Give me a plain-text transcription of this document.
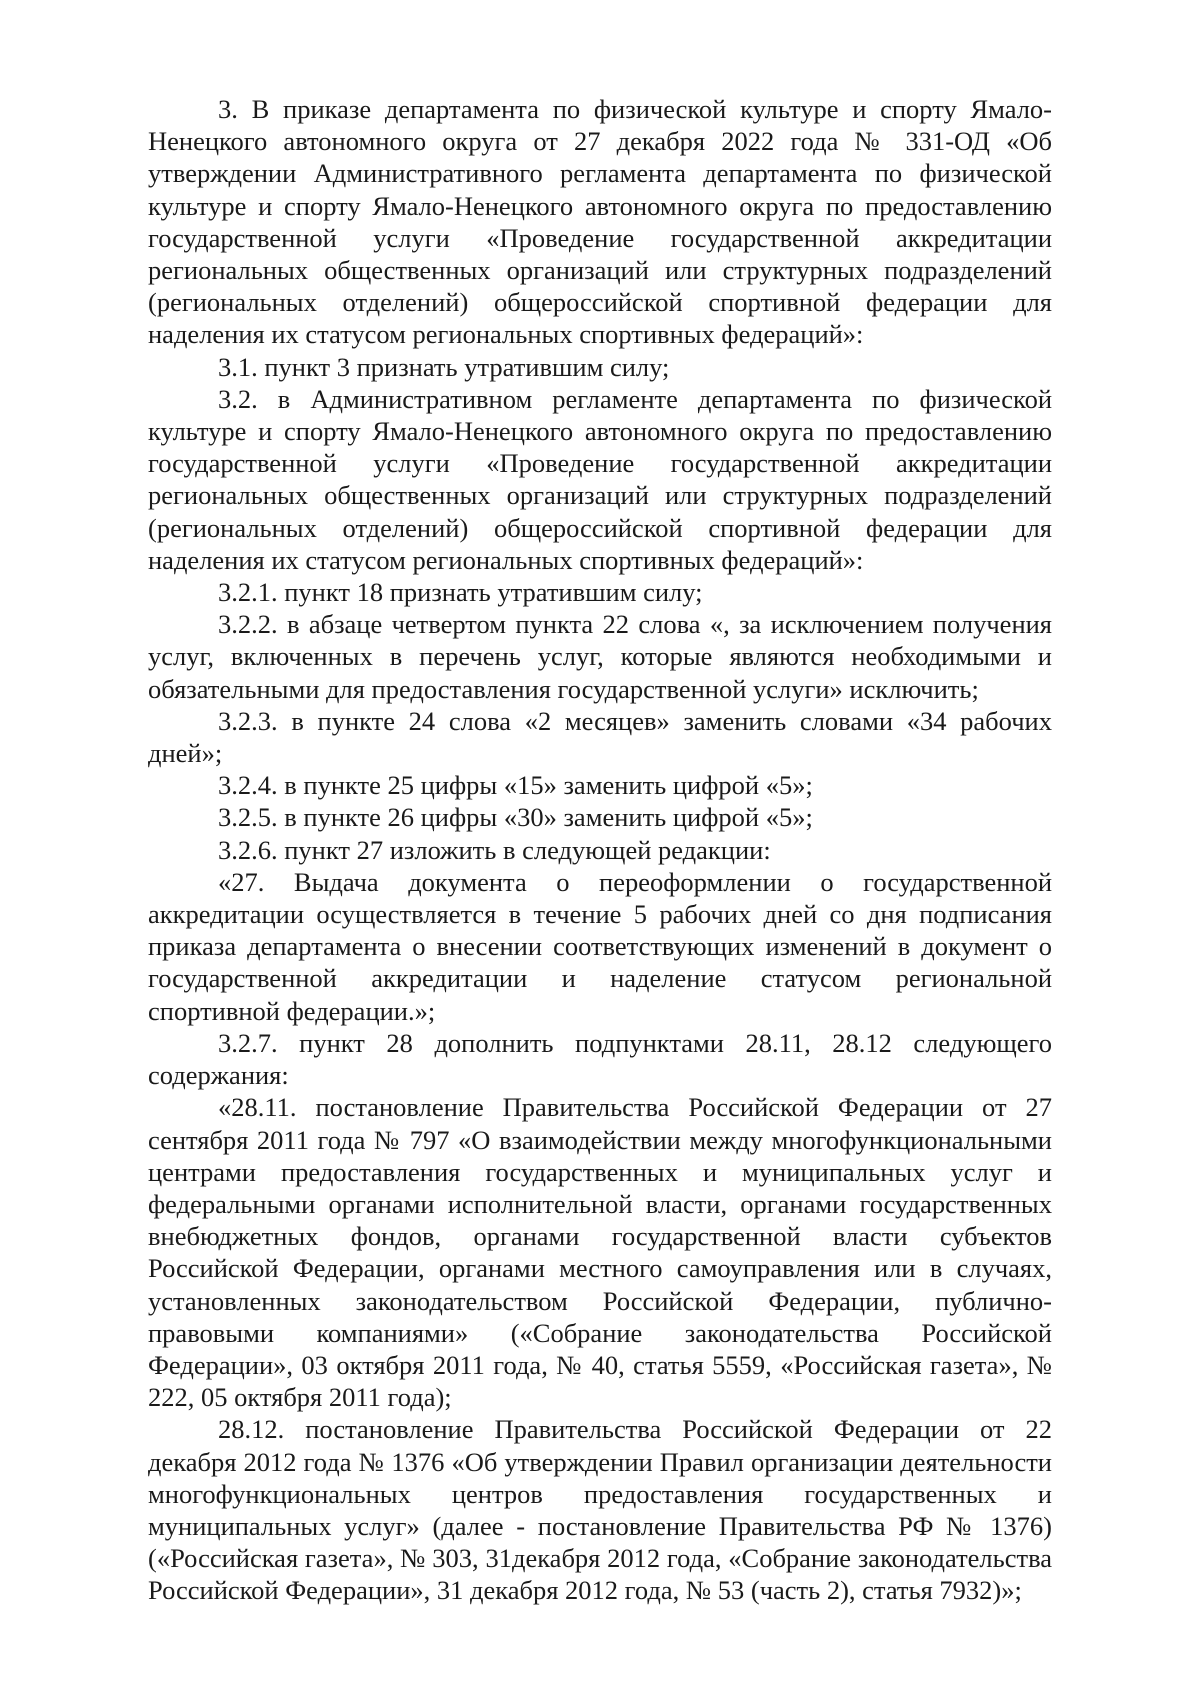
3. В приказе департамента по физической культуре и спорту Ямало-Ненецкого автономного округа от 27 декабря 2022 года № 331-ОД «Об утверждении Административного регламента департамента по физической культуре и спорту Ямало-Ненецкого автономного округа по предоставлению государственной услуги «Проведение государственной аккредитации региональных общественных организаций или структурных подразделений (региональных отделений) общероссийской спортивной федерации для наделения их статусом региональных спортивных федераций»:

3.1. пункт 3 признать утратившим силу;

3.2. в Административном регламенте департамента по физической культуре и спорту Ямало-Ненецкого автономного округа по предоставлению государственной услуги «Проведение государственной аккредитации региональных общественных организаций или структурных подразделений (региональных отделений) общероссийской спортивной федерации для наделения их статусом региональных спортивных федераций»:

3.2.1. пункт 18 признать утратившим силу;

3.2.2. в абзаце четвертом пункта 22 слова «, за исключением получения услуг, включенных в перечень услуг, которые являются необходимыми и обязательными для предоставления государственной услуги» исключить;

3.2.3. в пункте 24 слова «2 месяцев» заменить словами «34 рабочих дней»;

3.2.4. в пункте 25 цифры «15» заменить цифрой «5»;

3.2.5. в пункте 26 цифры «30» заменить цифрой «5»;

3.2.6. пункт 27 изложить в следующей редакции:

«27. Выдача документа о переоформлении о государственной аккредитации осуществляется в течение 5 рабочих дней со дня подписания приказа департамента о внесении соответствующих изменений в документ о государственной аккредитации и наделение статусом региональной спортивной федерации.»;

3.2.7. пункт 28 дополнить подпунктами 28.11, 28.12 следующего содержания:

«28.11. постановление Правительства Российской Федерации от 27 сентября 2011 года № 797 «О взаимодействии между многофункциональными центрами предоставления государственных и муниципальных услуг и федеральными органами исполнительной власти, органами государственных внебюджетных фондов, органами государственной власти субъектов Российской Федерации, органами местного самоуправления или в случаях, установленных законодательством Российской Федерации, публично-правовыми компаниями» («Собрание законодательства Российской Федерации», 03 октября 2011 года, № 40, статья 5559, «Российская газета», № 222, 05 октября 2011 года);

28.12. постановление Правительства Российской Федерации от 22 декабря 2012 года № 1376 «Об утверждении Правил организации деятельности многофункциональных центров предоставления государственных и муниципальных услуг» (далее - постановление Правительства РФ № 1376) («Российская газета», № 303, 31декабря 2012 года, «Собрание законодательства Российской Федерации», 31 декабря 2012 года, № 53 (часть 2), статья 7932)»;
